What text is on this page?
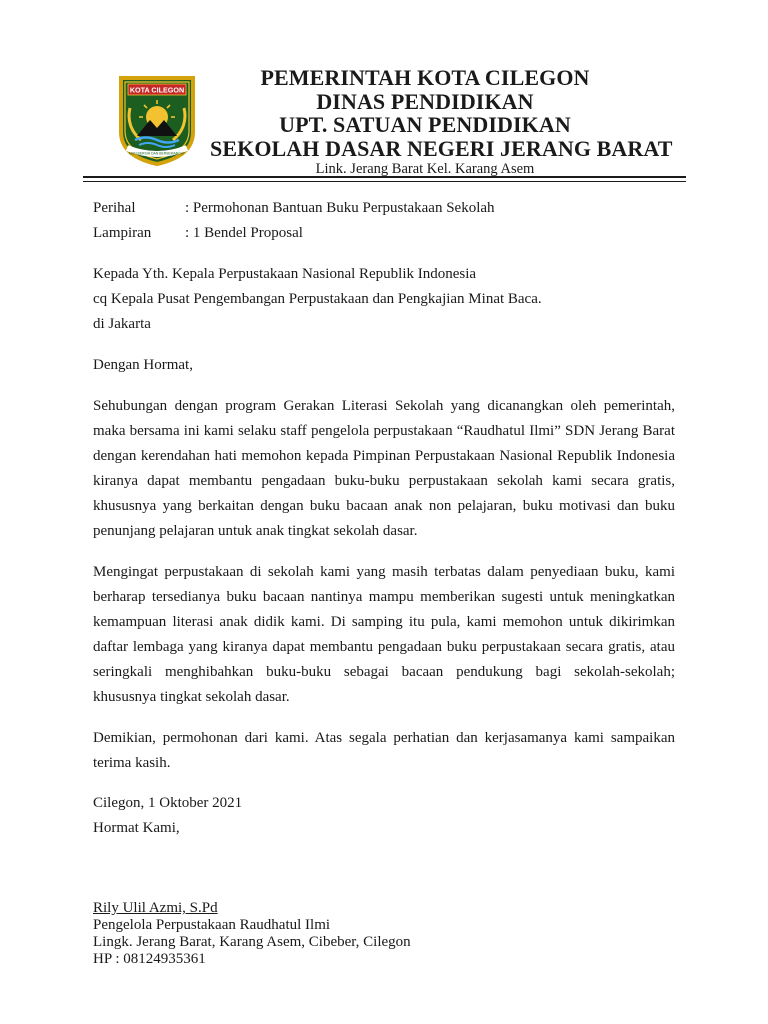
KOTA CILEGON
MAN BERSIH DAN BERSEMANGAT
PEMERINTAH KOTA CILEGON
DINAS PENDIDIKAN
UPT. SATUAN PENDIDIKAN
SEKOLAH DASAR NEGERI JERANG BARAT
Link. Jerang Barat Kel. Karang Asem
Perihal	: Permohonan Bantuan Buku Perpustakaan Sekolah
Lampiran : 1 Bendel Proposal
Kepada Yth. Kepala Perpustakaan Nasional Republik Indonesia
cq Kepala Pusat Pengembangan Perpustakaan dan Pengkajian Minat Baca.
di Jakarta
Dengan Hormat,
Sehubungan dengan program Gerakan Literasi Sekolah yang dicanangkan oleh pemerintah, maka bersama ini kami selaku staff pengelola perpustakaan “Raudhatul Ilmi” SDN Jerang Barat dengan kerendahan hati memohon kepada Pimpinan Perpustakaan Nasional Republik Indonesia kiranya dapat membantu pengadaan buku-buku perpustakaan sekolah kami secara gratis, khususnya yang berkaitan dengan buku bacaan anak non pelajaran, buku motivasi dan buku penunjang pelajaran untuk anak tingkat sekolah dasar.
Mengingat perpustakaan di sekolah kami yang masih terbatas dalam penyediaan buku, kami berharap tersedianya buku bacaan nantinya mampu memberikan sugesti untuk meningkatkan kemampuan literasi anak didik kami. Di samping itu pula, kami memohon untuk dikirimkan daftar lembaga yang kiranya dapat membantu pengadaan buku perpustakaan secara gratis, atau seringkali menghibahkan buku-buku sebagai bacaan pendukung bagi sekolah-sekolah; khususnya tingkat sekolah dasar.
Demikian, permohonan dari kami. Atas segala perhatian dan kerjasamanya kami sampaikan terima kasih.
Cilegon, 1 Oktober 2021
Hormat Kami,
Rily Ulil Azmi, S.Pd
Pengelola Perpustakaan Raudhatul Ilmi
Lingk. Jerang Barat, Karang Asem, Cibeber, Cilegon
HP : 08124935361
